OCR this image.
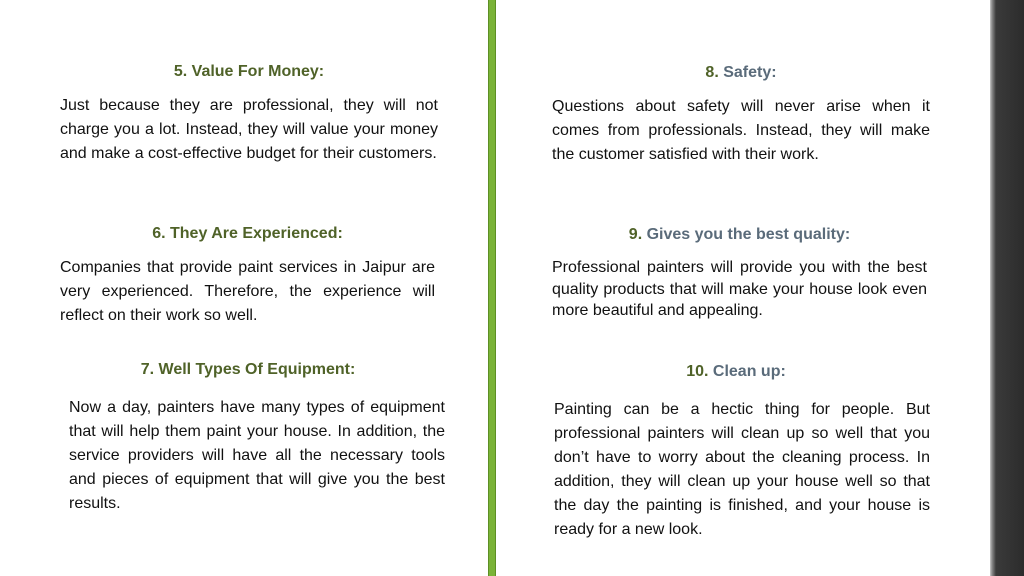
5. Value For Money:

Just because they are professional, they will not charge you a lot. Instead, they will value your money and make a cost-effective budget for their customers.

6. They Are Experienced:

Companies that provide paint services in Jaipur are very experienced. Therefore, the experience will reflect on their work so well.

7. Well Types Of Equipment:

Now a day, painters have many types of equipment that will help them paint your house. In addition, the service providers will have all the necessary tools and pieces of equipment that will give you the best results.

8. Safety:

Questions about safety will never arise when it comes from professionals. Instead, they will make the customer satisfied with their work.

9. Gives you the best quality:

Professional painters will provide you with the best quality products that will make your house look even more beautiful and appealing.

10. Clean up:

Painting can be a hectic thing for people. But professional painters will clean up so well that you don’t have to worry about the cleaning process. In addition, they will clean up your house well so that the day the painting is finished, and your house is ready for a new look.
